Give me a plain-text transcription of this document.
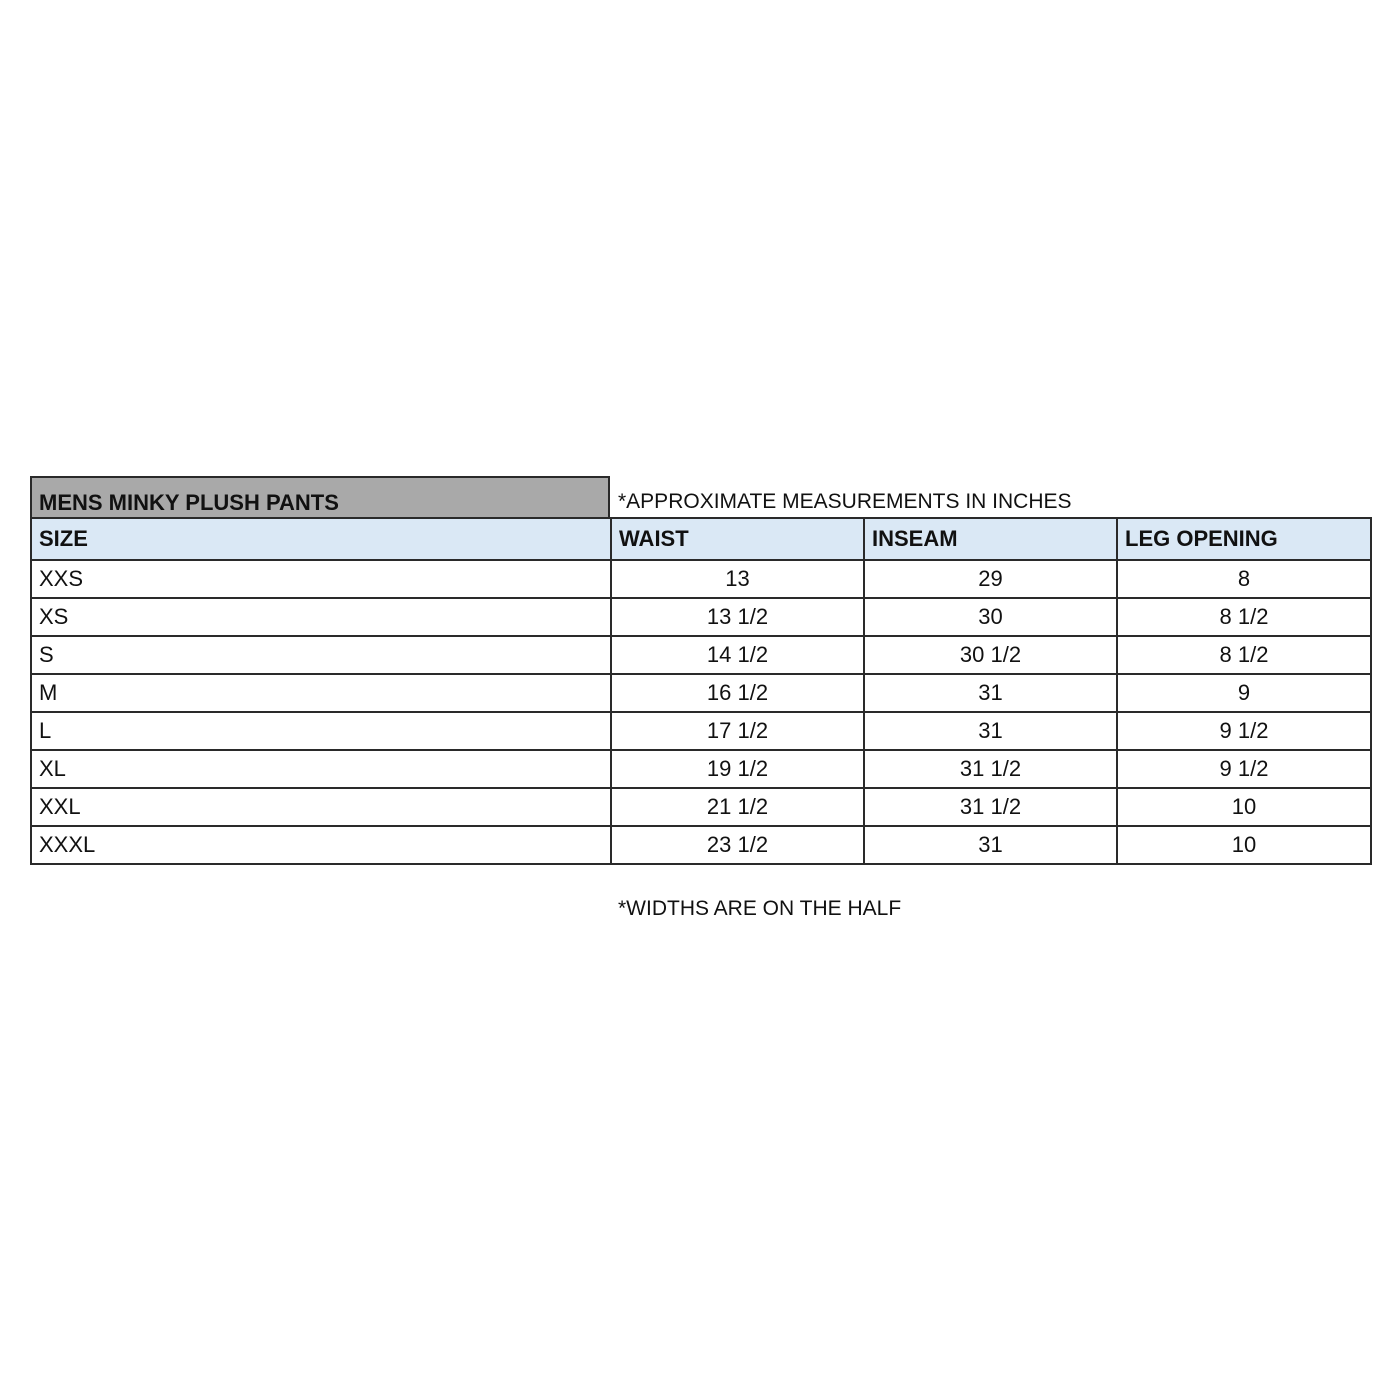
MENS MINKY PLUSH PANTS	*APPROXIMATE MEASUREMENTS IN INCHES
SIZE	WAIST	INSEAM	LEG OPENING
XXS	13	29	8
XS	13 1/2	30	8 1/2
S	14 1/2	30 1/2	8 1/2
M	16 1/2	31	9
L	17 1/2	31	9 1/2
XL	19 1/2	31 1/2	9 1/2
XXL	21 1/2	31 1/2	10
XXXL	23 1/2	31	10
*WIDTHS ARE ON THE HALF
